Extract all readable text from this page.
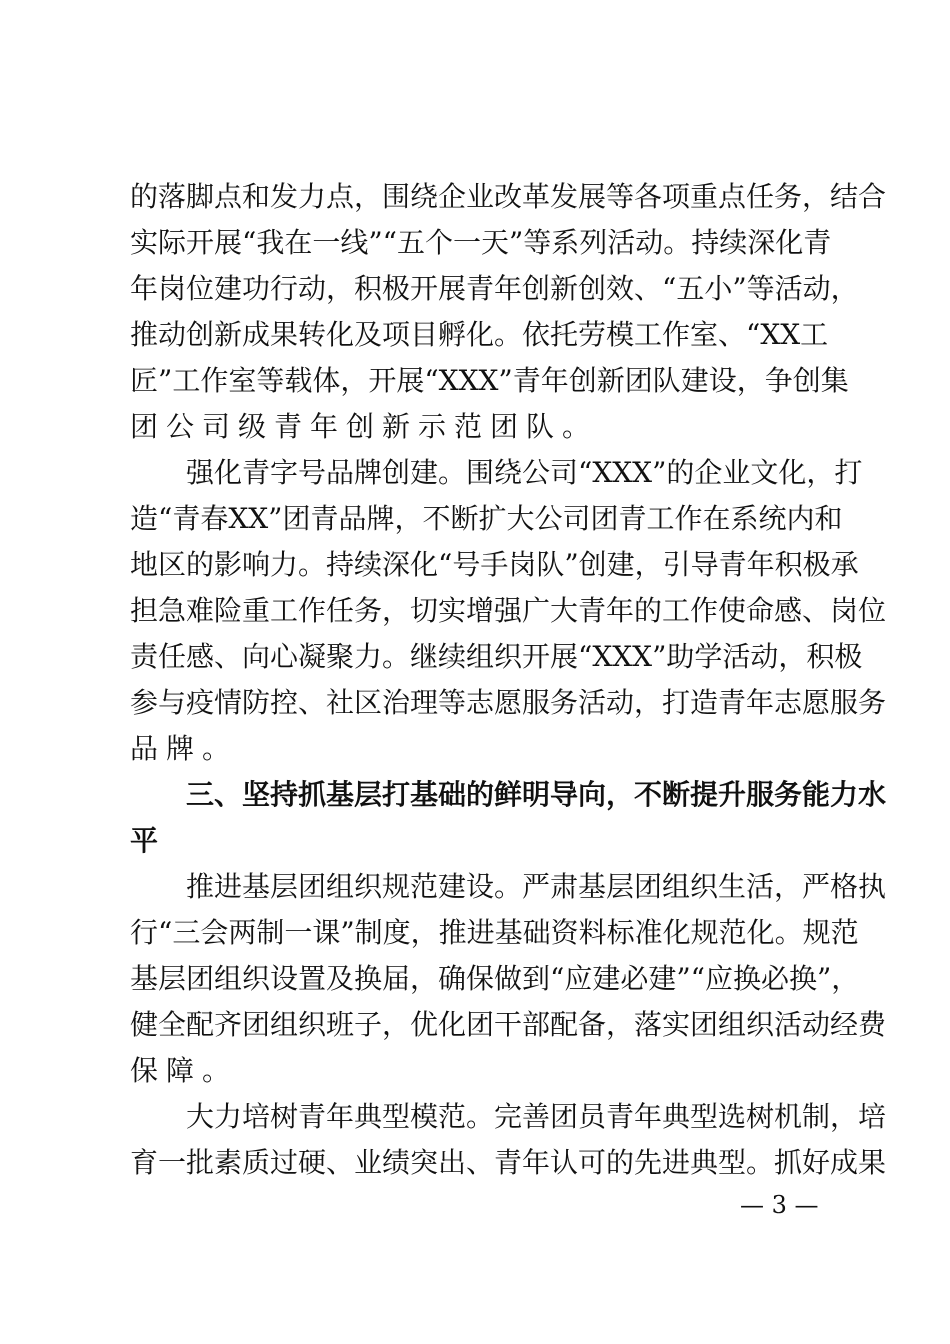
的落脚点和发力点，围绕企业改革发展等各项重点任务，结合
实际开展“我在一线”“五个一天”等系列活动。持续深化青
年岗位建功行动，积极开展青年创新创效、“五小”等活动，
推动创新成果转化及项目孵化。依托劳模工作室、“XX工
匠”工作室等载体，开展“XXX”青年创新团队建设，争创集
团公司级青年创新示范团队。
强化青字号品牌创建。围绕公司“XXX”的企业文化，打
造“青春XX”团青品牌，不断扩大公司团青工作在系统内和
地区的影响力。持续深化“号手岗队”创建，引导青年积极承
担急难险重工作任务，切实增强广大青年的工作使命感、岗位
责任感、向心凝聚力。继续组织开展“XXX”助学活动，积极
参与疫情防控、社区治理等志愿服务活动，打造青年志愿服务
品牌。
三、坚持抓基层打基础的鲜明导向，不断提升服务能力水
平
推进基层团组织规范建设。严肃基层团组织生活，严格执
行“三会两制一课”制度，推进基础资料标准化规范化。规范
基层团组织设置及换届，确保做到“应建必建”“应换必换”，
健全配齐团组织班子，优化团干部配备，落实团组织活动经费
保障。
大力培树青年典型模范。完善团员青年典型选树机制，培
育一批素质过硬、业绩突出、青年认可的先进典型。抓好成果
— 3 —
